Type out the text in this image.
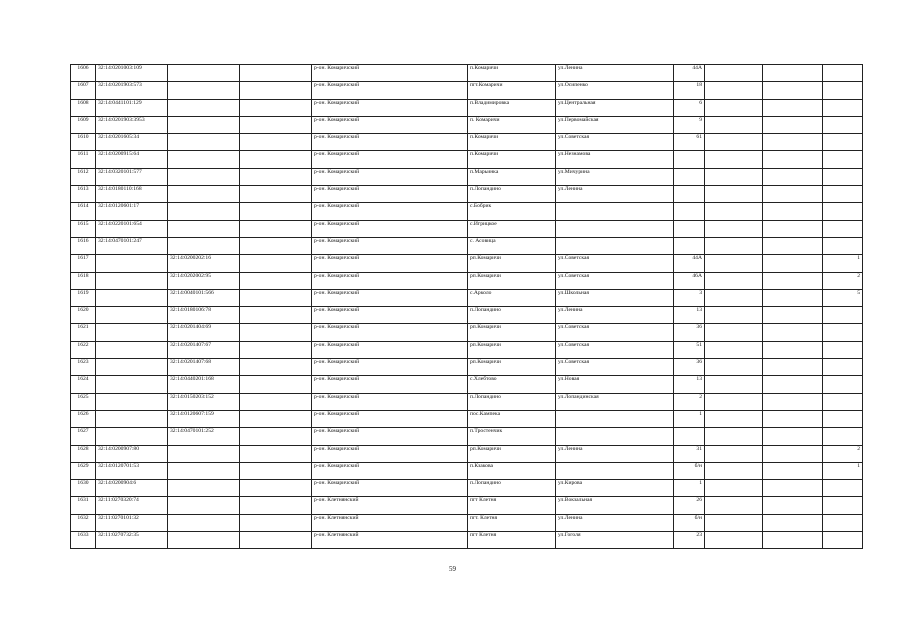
1606	32:14:0201003:109			р-он. Комаричский	п.Комаричи	ул.Ленина	44А			
1607	32:14:0201903:573			р-он. Комаричский	пгт.Комаричи	ул.Осипенко	18			
1608	32:14:0441101:129			р-он. Комаричский	п.Владимировка	ул.Центральная	6			
1609	32:14:0201903:3953			р-он. Комаричский	п. Комаричи	ул.Первомайская	9			
1610	32:14:0201605:34			р-он. Комаричский	п.Комаричи	ул.Советская	61			
1611	32:14:0200915:64			р-он. Комаричский	п.Комаричи	ул.Незнамова				
1612	32:14:0320101:577			р-он. Комаричский	п.Марьинка	ул.Мичурина				
1613	32:14:0180110:168			р-он. Комаричский	п.Лопандино	ул.Ленина				
1614	32:14:0120601:17			р-он. Комаричский	с.Бобрик					
1615	32:14:0220101:654			р-он. Комаричский	с.Игрицкое					
1616	32:14:0470101:247			р-он. Комаричский	с. Асовица					
1617		32:14:0200202:16		р-он. Комаричский	рп.Комаричи	ул.Советская	44А			1
1618		32:14:0202002:95		р-он. Комаричский	рп.Комаричи	ул.Советская	46А			2
1619		32:14:0040101:566		р-он. Комаричский	с.Арколо	ул.Школьная	3			5
1620		32:14:0180106:78		р-он. Комаричский	п.Лопандино	ул.Ленина	13			
1621		32:14:0201404:69		р-он. Комаричский	рп.Комаричи	ул.Советская	36			
1622		32:14:0201407:67		р-он. Комаричский	рп.Комаричи	ул.Советская	51			
1623		32:14:0201407:68		р-он. Комаричский	рп.Комаричи	ул.Советская	36			
1624		32:14:0440201:168		р-он. Комаричский	с.Хлебтово	ул.Новая	13			
1625		32:14:0150203:152		р-он. Комаричский	п.Лопандино	ул.Лопандинская	2			
1626		32:14:0120607:159		р-он. Комаричский	пос.Кампека		1			
1627		32:14:0470101:252		р-он. Комаричский	п.Тростенчик					
1628	32:14:0200907:80			р-он. Комаричский	рп.Комаричи	ул.Ленина	31			2
1629	32:14:0120701:53			р-он. Комаричский	п.Кзакова		б/н			1
1630	32:14:0200904:6			р-он. Комаричский	п.Лопандино	ул.Кирова	1			
1631	32:11:0270320:74			р-он. Клетнянский	пгт Клетня	ул.Вокзальная	26			
1632	32:11:0270101:32			р-он. Клетнянский	пгт. Клетня	ул.Ленина	б/н			
1633	32:11:0270732:35			р-он. Клетнянский	пгт Клетня	ул.Гоголя	23			
59
